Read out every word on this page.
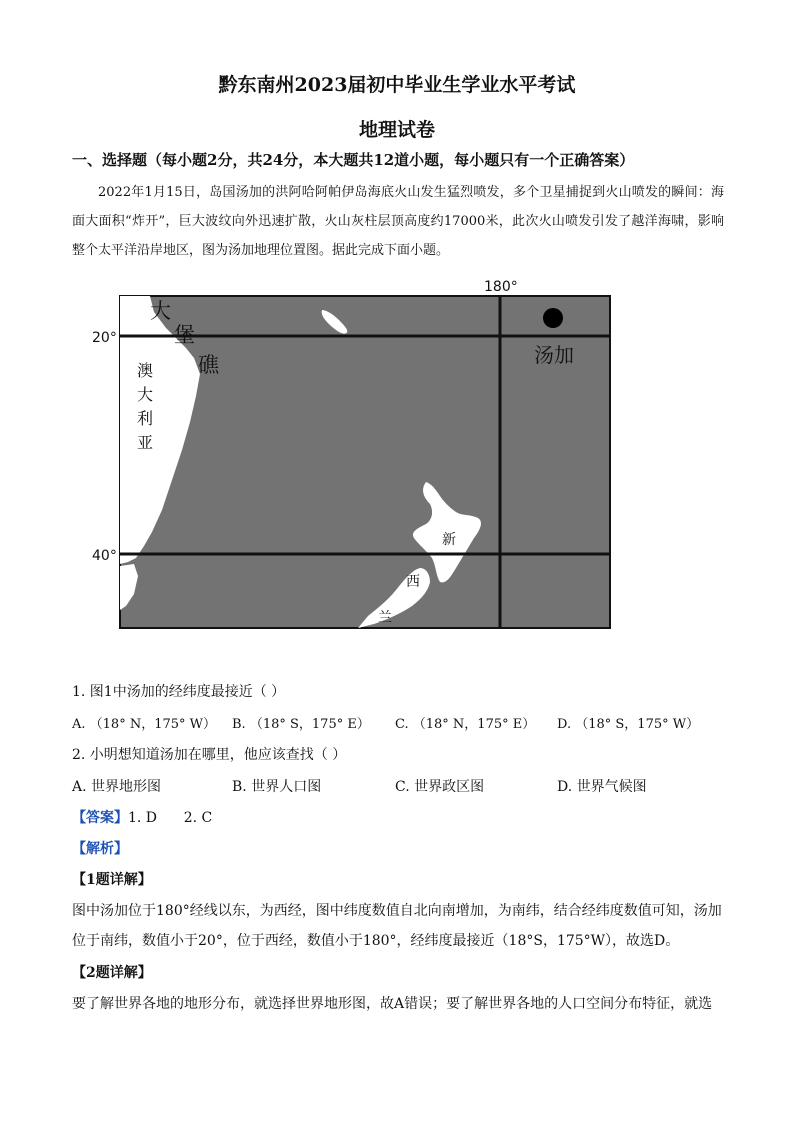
黔东南州2023届初中毕业生学业水平考试
地理试卷
一、选择题（每小题2分，共24分，本大题共12道小题，每小题只有一个正确答案）

2022年1月15日，岛国汤加的洪阿哈阿帕伊岛海底火山发生猛烈喷发，多个卫星捕捉到火山喷发的瞬间：海面大面积“炸开”，巨大波纹向外迅速扩散，火山灰柱层顶高度约17000米，此次火山喷发引发了越洋海啸，影响整个太平洋沿岸地区，图为汤加地理位置图。据此完成下面小题。

180°
20°
40°
汤加
澳
大
利
亚
大
堡
礁
新
西
兰
1. 图1中汤加的经纬度最接近（ ）
A. （18° N，175° W） B. （18° S，175° E） C. （18° N，175° E） D. （18° S，175° W）
2. 小明想知道汤加在哪里，他应该查找（ ）
A. 世界地形图	B. 世界人口图	C. 世界政区图	D. 世界气候图
【答案】1. D      2. C
【解析】
【1题详解】

图中汤加位于180°经线以东，为西经，图中纬度数值自北向南增加，为南纬，结合经纬度数值可知，汤加位于南纬，数值小于20°，位于西经，数值小于180°，经纬度最接近（18°S，175°W），故选D。

【2题详解】

要了解世界各地的地形分布，就选择世界地形图，故A错误；要了解世界各地的人口空间分布特征，就选
